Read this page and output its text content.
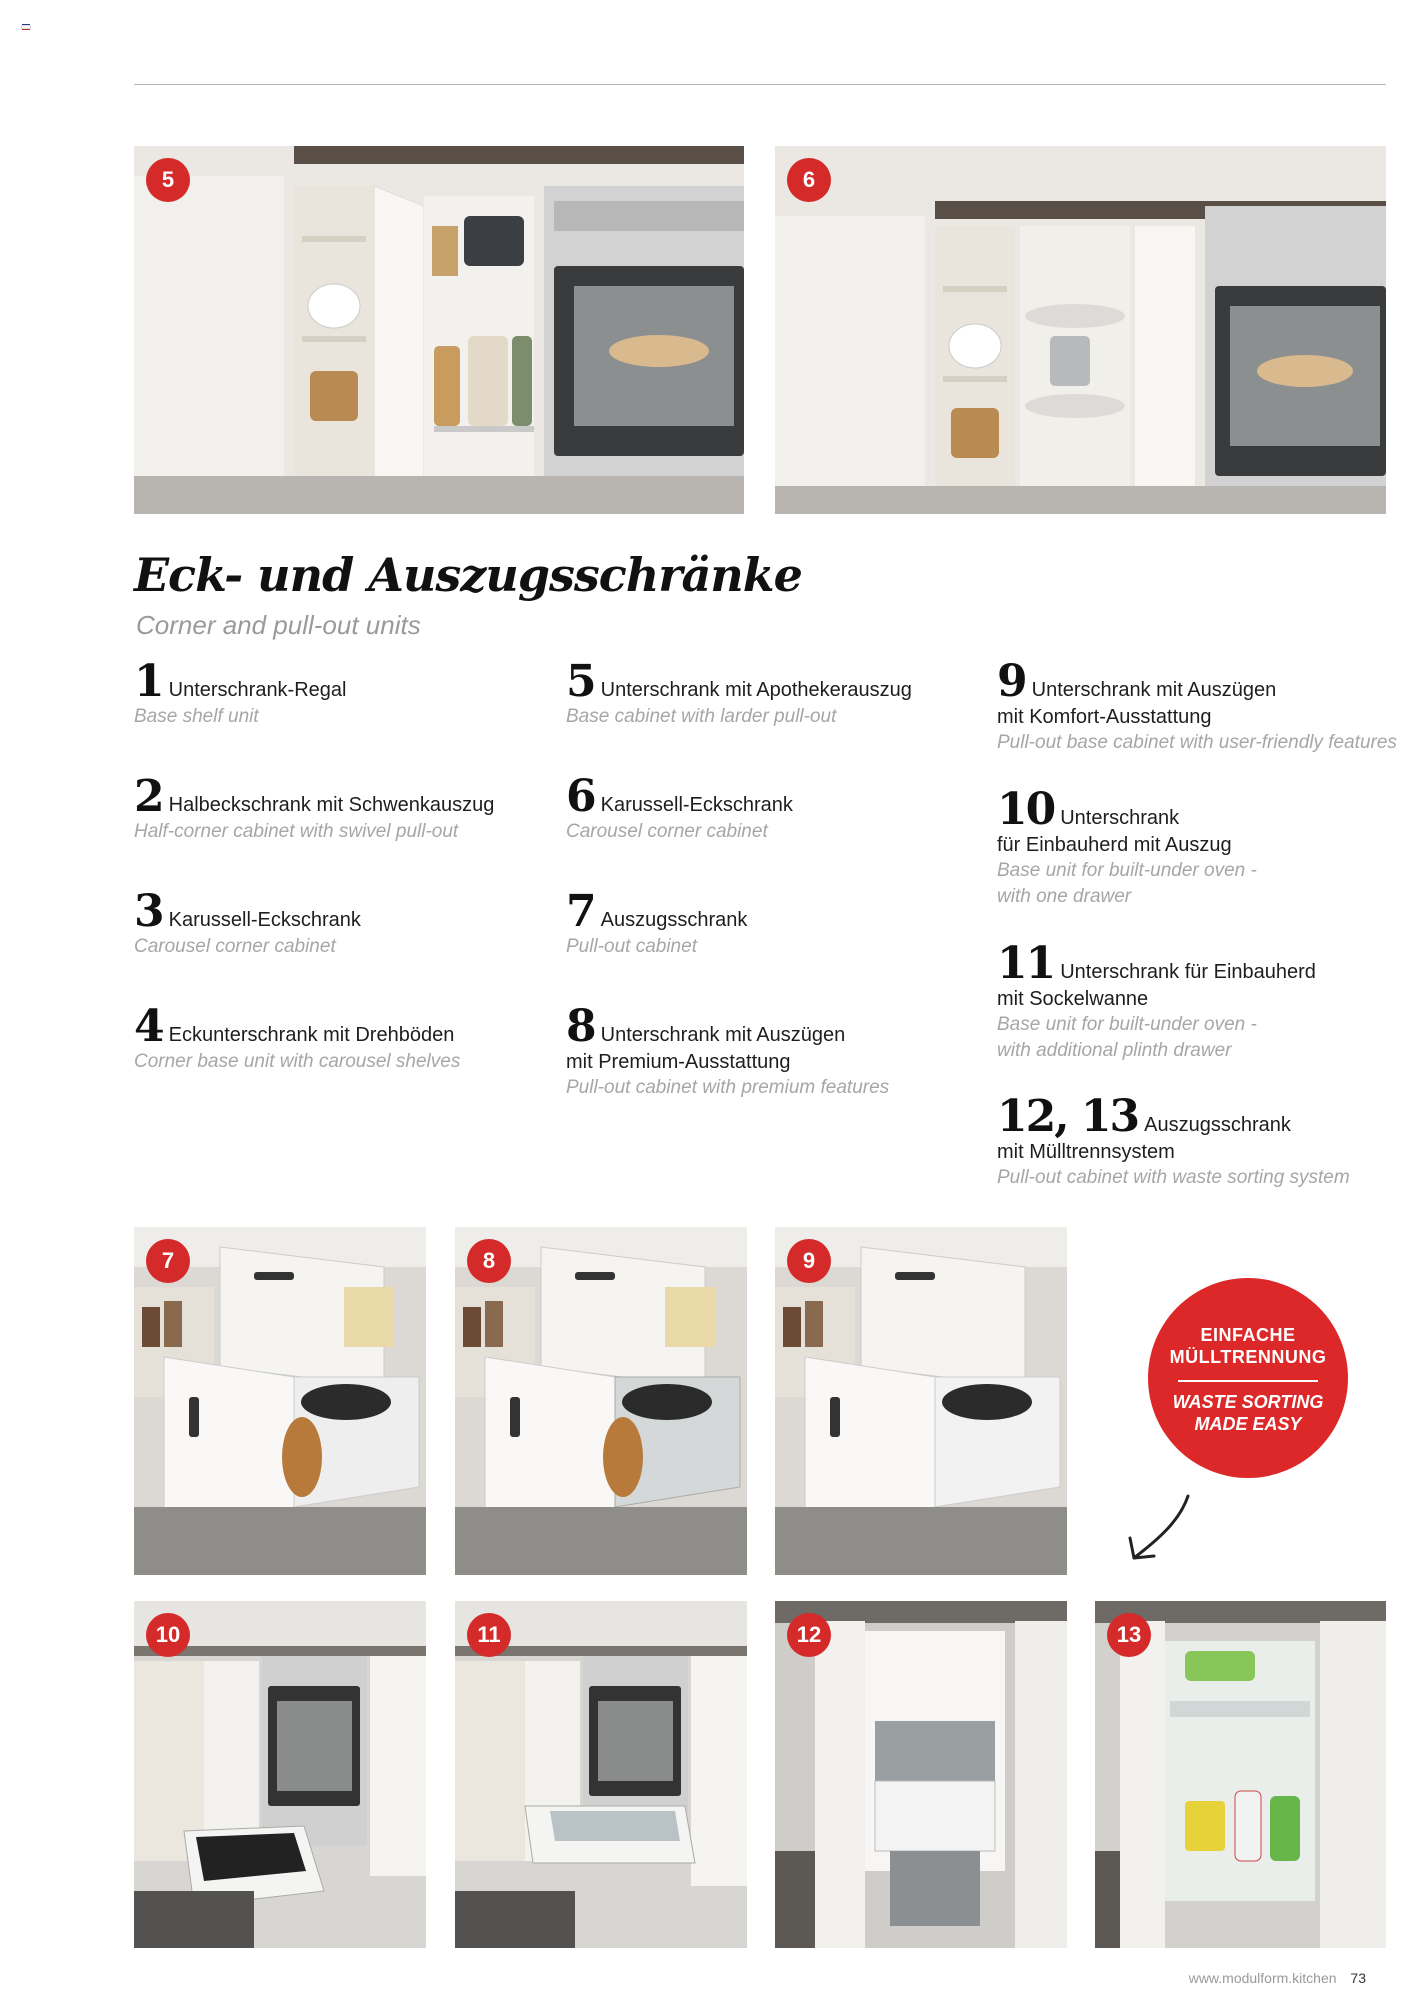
5	6
Eck- und Auszugsschränke
Corner and pull-out units
1 Unterschrank-Regal
Base shelf unit
2 Halbeckschrank mit Schwenkauszug
Half-corner cabinet with swivel pull-out
3 Karussell-Eckschrank
Carousel corner cabinet
4 Eckunterschrank mit Drehböden
Corner base unit with carousel shelves
5 Unterschrank mit Apothekerauszug
Base cabinet with larder pull-out
6 Karussell-Eckschrank
Carousel corner cabinet
7 Auszugsschrank
Pull-out cabinet
8 Unterschrank mit Auszügen
mit Premium-Ausstattung
Pull-out cabinet with premium features
9 Unterschrank mit Auszügen
mit Komfort-Ausstattung
Pull-out base cabinet with user-friendly features
10 Unterschrank
für Einbauherd mit Auszug
Base unit for built-under oven -
with one drawer
11 Unterschrank für Einbauherd
mit Sockelwanne
Base unit for built-under oven -
with additional plinth drawer
12, 13 Auszugsschrank
mit Mülltrennsystem
Pull-out cabinet with waste sorting system
7	8	9
EINFACHE
MÜLLTRENNUNG
WASTE SORTING
MADE EASY
10	11	12	13
www.modulform.kitchen 73
